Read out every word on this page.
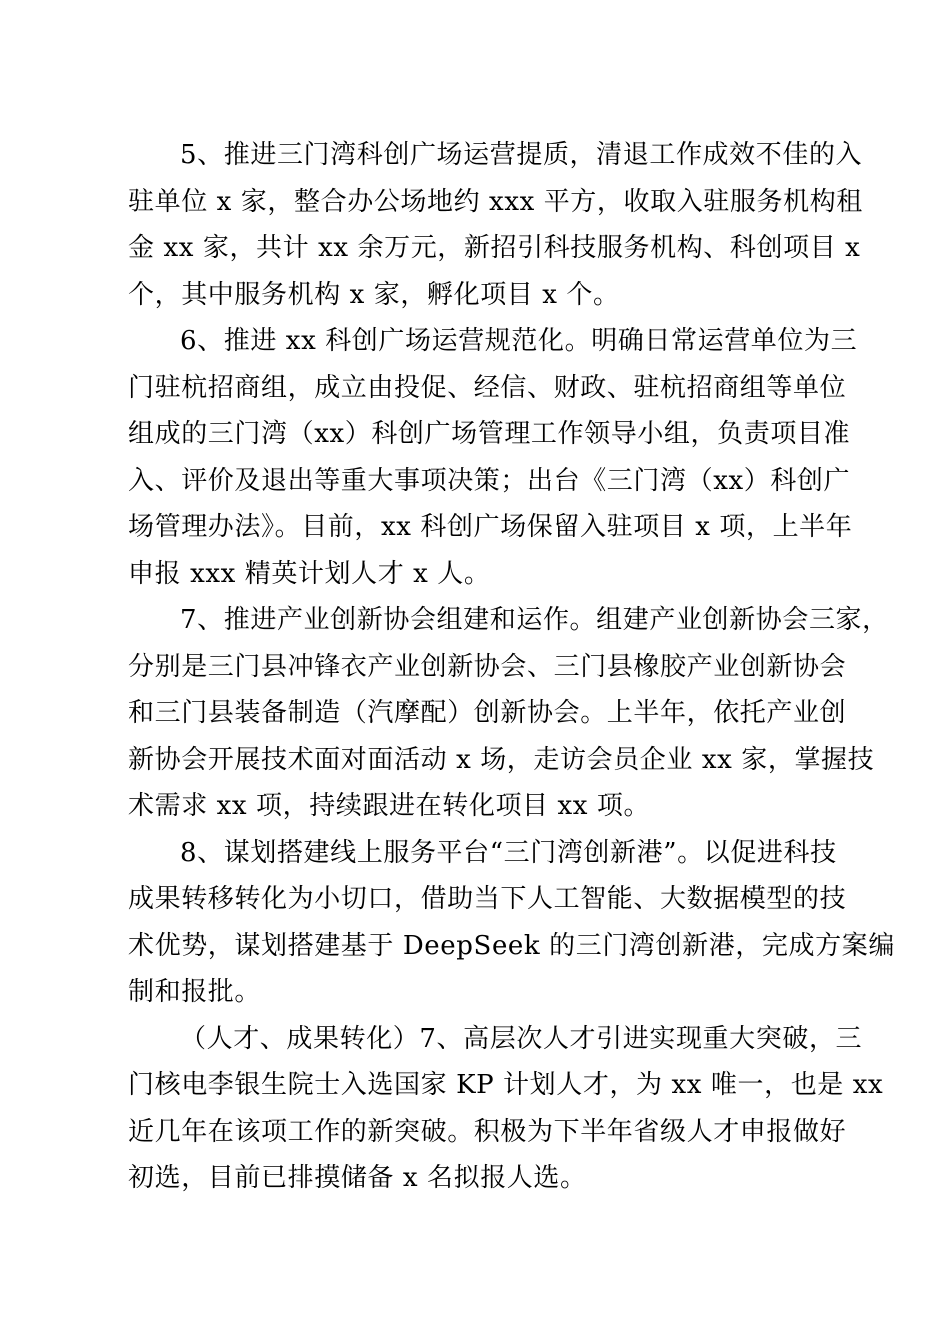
5、推进三门湾科创广场运营提质，清退工作成效不佳的入
驻单位 x 家，整合办公场地约 xxx 平方，收取入驻服务机构租
金 xx 家，共计 xx 余万元，新招引科技服务机构、科创项目 x
个，其中服务机构 x 家，孵化项目 x 个。
6、推进 xx 科创广场运营规范化。明确日常运营单位为三
门驻杭招商组，成立由投促、经信、财政、驻杭招商组等单位
组成的三门湾（xx）科创广场管理工作领导小组，负责项目准
入、评价及退出等重大事项决策；出台《三门湾（xx）科创广
场管理办法》。目前，xx 科创广场保留入驻项目 x 项，上半年
申报 xxx 精英计划人才 x 人。
7、推进产业创新协会组建和运作。组建产业创新协会三家，
分别是三门县冲锋衣产业创新协会、三门县橡胶产业创新协会
和三门县装备制造（汽摩配）创新协会。上半年，依托产业创
新协会开展技术面对面活动 x 场，走访会员企业 xx 家，掌握技
术需求 xx 项，持续跟进在转化项目 xx 项。
8、谋划搭建线上服务平台“三门湾创新港”。以促进科技
成果转移转化为小切口，借助当下人工智能、大数据模型的技
术优势，谋划搭建基于 DeepSeek 的三门湾创新港，完成方案编
制和报批。
（人才、成果转化）7、高层次人才引进实现重大突破，三
门核电李银生院士入选国家 KP 计划人才，为 xx 唯一，也是 xx
近几年在该项工作的新突破。积极为下半年省级人才申报做好
初选，目前已排摸储备 x 名拟报人选。
